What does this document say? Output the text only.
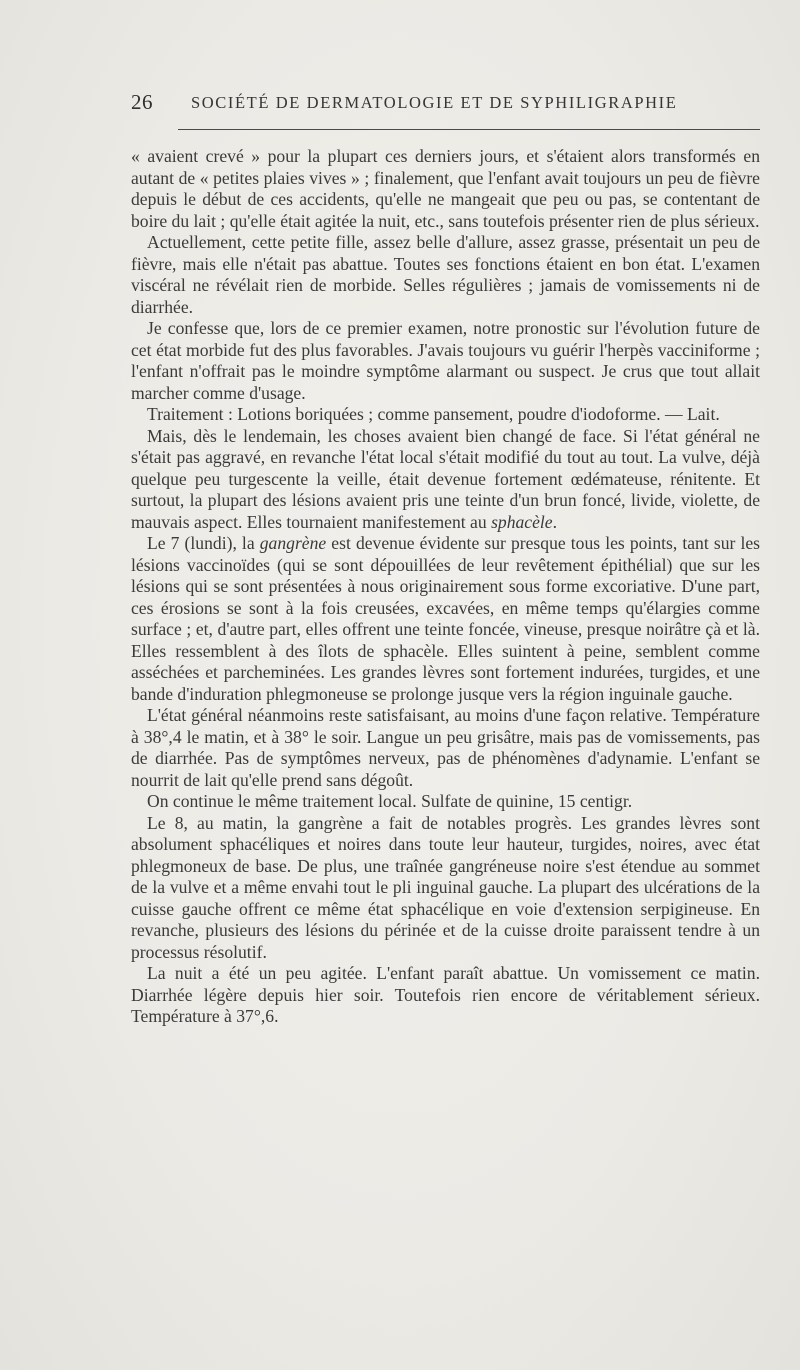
26 SOCIÉTÉ DE DERMATOLOGIE ET DE SYPHILIGRAPHIE

« avaient crevé » pour la plupart ces derniers jours, et s'étaient alors transformés en autant de « petites plaies vives » ; finalement, que l'enfant avait toujours un peu de fièvre depuis le début de ces accidents, qu'elle ne mangeait que peu ou pas, se contentant de boire du lait ; qu'elle était agitée la nuit, etc., sans toutefois présenter rien de plus sérieux.

Actuellement, cette petite fille, assez belle d'allure, assez grasse, présentait un peu de fièvre, mais elle n'était pas abattue. Toutes ses fonctions étaient en bon état. L'examen viscéral ne révélait rien de morbide. Selles régulières ; jamais de vomissements ni de diarrhée.

Je confesse que, lors de ce premier examen, notre pronostic sur l'évolution future de cet état morbide fut des plus favorables. J'avais toujours vu guérir l'herpès vacciniforme ; l'enfant n'offrait pas le moindre symptôme alarmant ou suspect. Je crus que tout allait marcher comme d'usage.

Traitement : Lotions boriquées ; comme pansement, poudre d'iodoforme. — Lait.

Mais, dès le lendemain, les choses avaient bien changé de face. Si l'état général ne s'était pas aggravé, en revanche l'état local s'était modifié du tout au tout. La vulve, déjà quelque peu turgescente la veille, était devenue fortement œdémateuse, rénitente. Et surtout, la plupart des lésions avaient pris une teinte d'un brun foncé, livide, violette, de mauvais aspect. Elles tournaient manifestement au sphacèle.

Le 7 (lundi), la gangrène est devenue évidente sur presque tous les points, tant sur les lésions vaccinoïdes (qui se sont dépouillées de leur revêtement épithélial) que sur les lésions qui se sont présentées à nous originairement sous forme excoriative. D'une part, ces érosions se sont à la fois creusées, excavées, en même temps qu'élargies comme surface ; et, d'autre part, elles offrent une teinte foncée, vineuse, presque noirâtre çà et là. Elles ressemblent à des îlots de sphacèle. Elles suintent à peine, semblent comme asséchées et parcheminées. Les grandes lèvres sont fortement indurées, turgides, et une bande d'induration phlegmoneuse se prolonge jusque vers la région inguinale gauche.

L'état général néanmoins reste satisfaisant, au moins d'une façon relative. Température à 38°,4 le matin, et à 38° le soir. Langue un peu grisâtre, mais pas de vomissements, pas de diarrhée. Pas de symptômes nerveux, pas de phénomènes d'adynamie. L'enfant se nourrit de lait qu'elle prend sans dégoût.

On continue le même traitement local. Sulfate de quinine, 15 centigr.

Le 8, au matin, la gangrène a fait de notables progrès. Les grandes lèvres sont absolument sphacéliques et noires dans toute leur hauteur, turgides, noires, avec état phlegmoneux de base. De plus, une traînée gangréneuse noire s'est étendue au sommet de la vulve et a même envahi tout le pli inguinal gauche. La plupart des ulcérations de la cuisse gauche offrent ce même état sphacélique en voie d'extension serpigineuse. En revanche, plusieurs des lésions du périnée et de la cuisse droite paraissent tendre à un processus résolutif.

La nuit a été un peu agitée. L'enfant paraît abattue. Un vomissement ce matin. Diarrhée légère depuis hier soir. Toutefois rien encore de véritablement sérieux. Température à 37°,6.
